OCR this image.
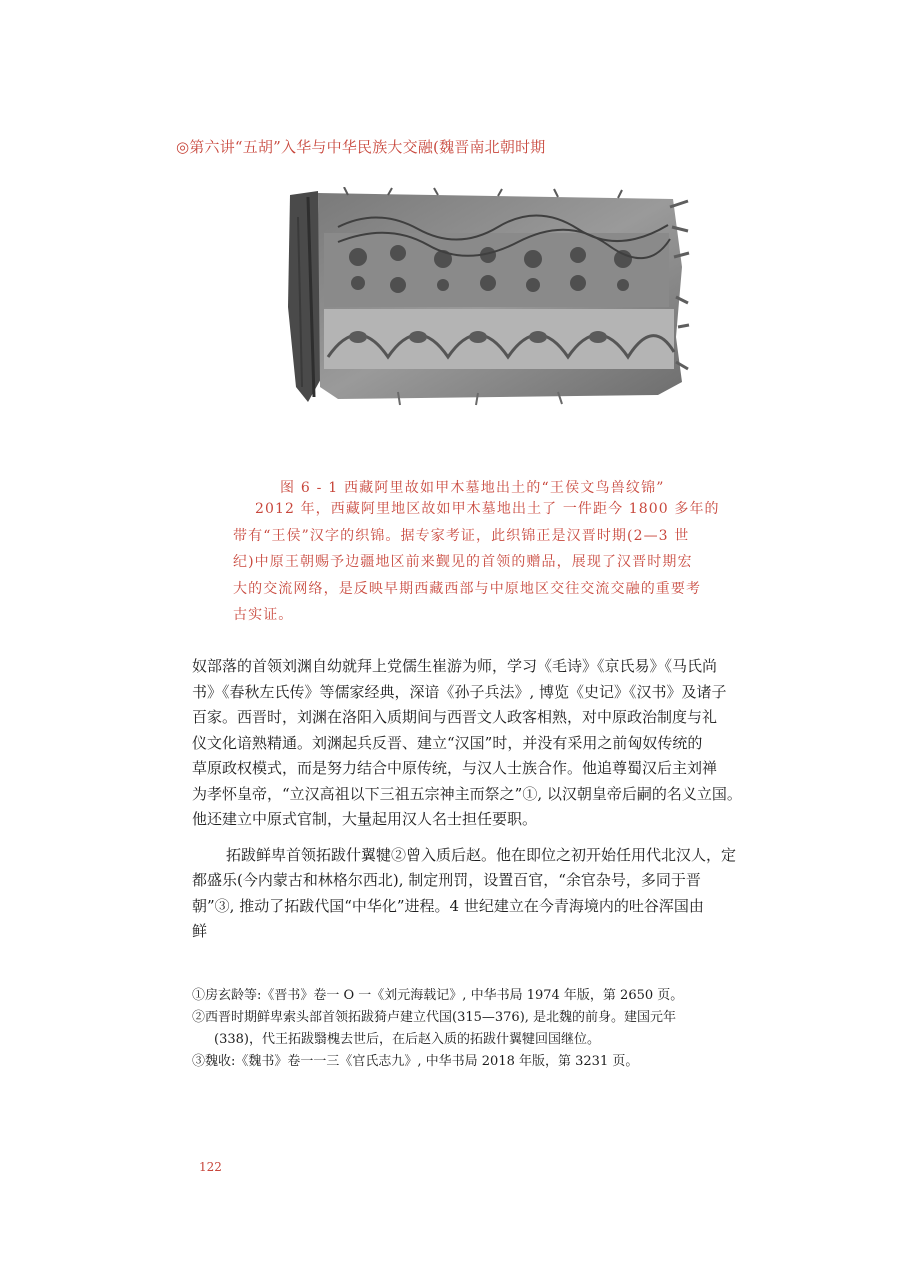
◎第六讲“五胡”入华与中华民族大交融(魏晋南北朝时期
图 6 - 1 西藏阿里故如甲木墓地出土的“王侯文鸟兽纹锦”
2012 年，西藏阿里地区故如甲木墓地出土了 一件距今 1800 多年的
带有“王侯”汉字的织锦。据专家考证，此织锦正是汉晋时期(2—3 世
纪)中原王朝赐予边疆地区前来觐见的首领的赠品，展现了汉晋时期宏
大的交流网络，是反映早期西藏西部与中原地区交往交流交融的重要考
古实证。
奴部落的首领刘渊自幼就拜上党儒生崔游为师，学习《毛诗》《京氏易》《马氏尚
书》《春秋左氏传》等儒家经典，深谙《孙子兵法》, 博览《史记》《汉书》及诸子
百家。西晋时，刘渊在洛阳入质期间与西晋文人政客相熟，对中原政治制度与礼
仪文化谙熟精通。刘渊起兵反晋、建立“汉国”时，并没有采用之前匈奴传统的
草原政权模式，而是努力结合中原传统，与汉人士族合作。他追尊蜀汉后主刘禅
为孝怀皇帝，“立汉高祖以下三祖五宗神主而祭之”①, 以汉朝皇帝后嗣的名义立国。
他还建立中原式官制，大量起用汉人名士担任要职。
拓跋鲜卑首领拓跋什翼犍②曾入质后赵。他在即位之初开始任用代北汉人，定
都盛乐(今内蒙古和林格尔西北), 制定刑罚，设置百官，“余官杂号，多同于晋
朝”③, 推动了拓跋代国“中华化”进程。4 世纪建立在今青海境内的吐谷浑国由
鲜
①房玄龄等:《晋书》卷一 O 一《刘元海载记》, 中华书局 1974 年版，第 2650 页。
②西晋时期鲜卑索头部首领拓跋猗卢建立代国(315—376), 是北魏的前身。建国元年
(338)，代王拓跋翳槐去世后，在后赵入质的拓跋什翼犍回国继位。
③魏收:《魏书》卷一一三《官氏志九》, 中华书局 2018 年版，第 3231 页。
122
